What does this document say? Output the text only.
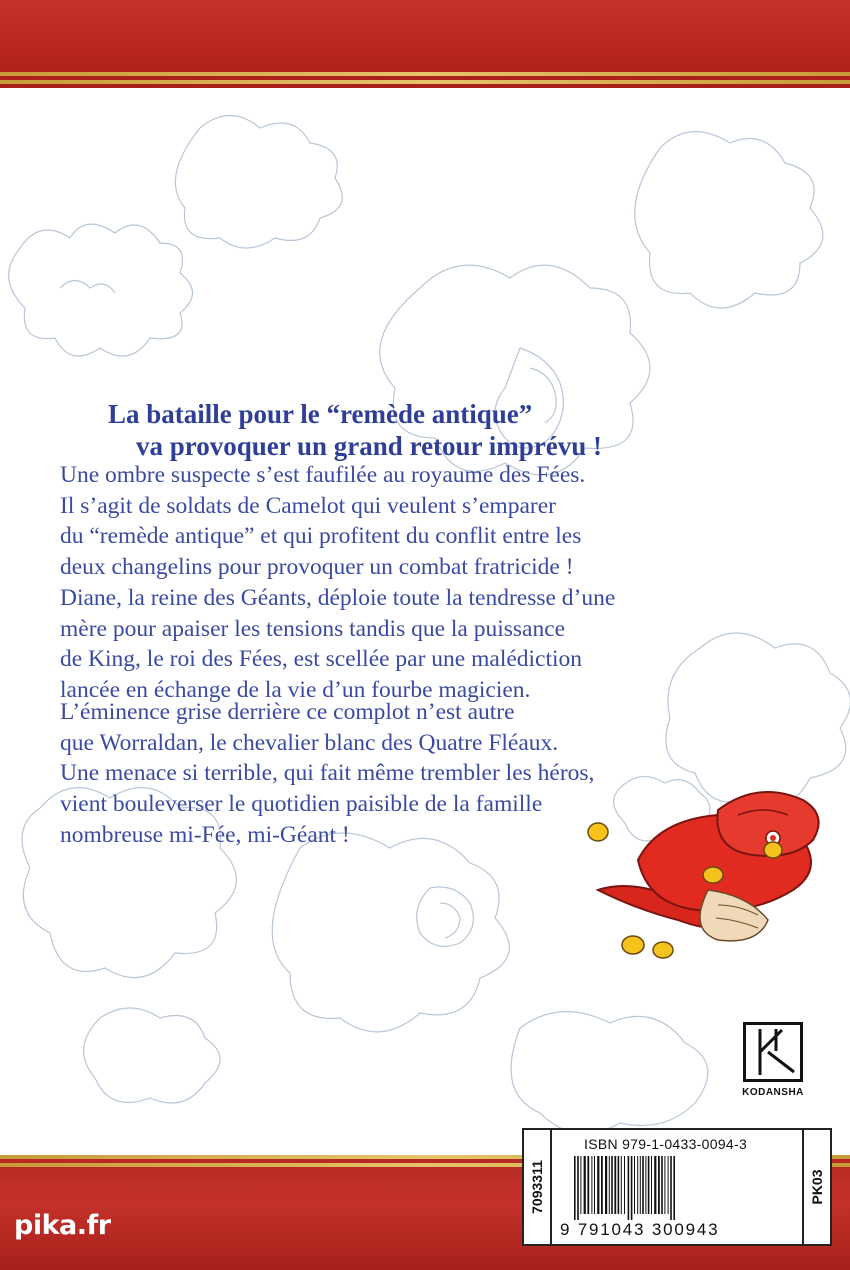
La bataille pour le “remède antique”
va provoquer un grand retour imprévu !
Une ombre suspecte s’est faufilée au royaume des Fées.
Il s’agit de soldats de Camelot qui veulent s’emparer
du “remède antique” et qui profitent du conflit entre les
deux changelins pour provoquer un combat fratricide !
Diane, la reine des Géants, déploie toute la tendresse d’une
mère pour apaiser les tensions tandis que la puissance
de King, le roi des Fées, est scellée par une malédiction
lancée en échange de la vie d’un fourbe magicien.
L’éminence grise derrière ce complot n’est autre
que Worraldan, le chevalier blanc des Quatre Fléaux.
Une menace si terrible, qui fait même trembler les héros,
vient bouleverser le quotidien paisible de la famille
nombreuse mi-Fée, mi-Géant !
KODANSHA
pika.fr
7093311	PK03
ISBN 979-1-0433-0094-3
9 791043 300943
